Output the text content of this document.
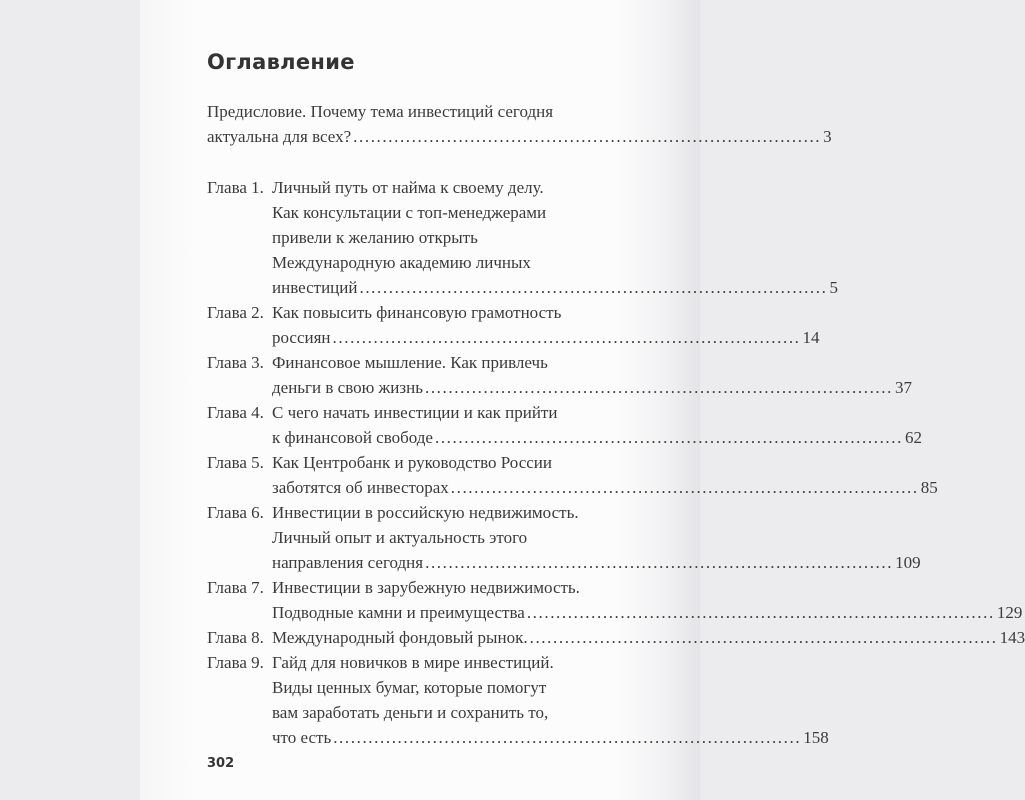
Оглавление
Предисловие. Почему тема инвестиций сегодня
актуальна для всех? ................................................................................ 3
Глава 1. Личный путь от найма к своему делу.
Как консультации с топ-менеджерами
привели к желанию открыть
Международную академию личных
инвестиций ................................................................................ 5
Глава 2. Как повысить финансовую грамотность
россиян ................................................................................ 14
Глава 3. Финансовое мышление. Как привлечь
деньги в свою жизнь ................................................................................ 37
Глава 4. С чего начать инвестиции и как прийти
к финансовой свободе ................................................................................ 62
Глава 5. Как Центробанк и руководство России
заботятся об инвесторах ................................................................................ 85
Глава 6. Инвестиции в российскую недвижимость.
Личный опыт и актуальность этого
направления сегодня ................................................................................ 109
Глава 7. Инвестиции в зарубежную недвижимость.
Подводные камни и преимущества ................................................................................ 129
Глава 8. Международный фондовый рынок. ................................................................................ 143
Глава 9. Гайд для новичков в мире инвестиций.
Виды ценных бумаг, которые помогут
вам заработать деньги и сохранить то,
что есть ................................................................................ 158
302
